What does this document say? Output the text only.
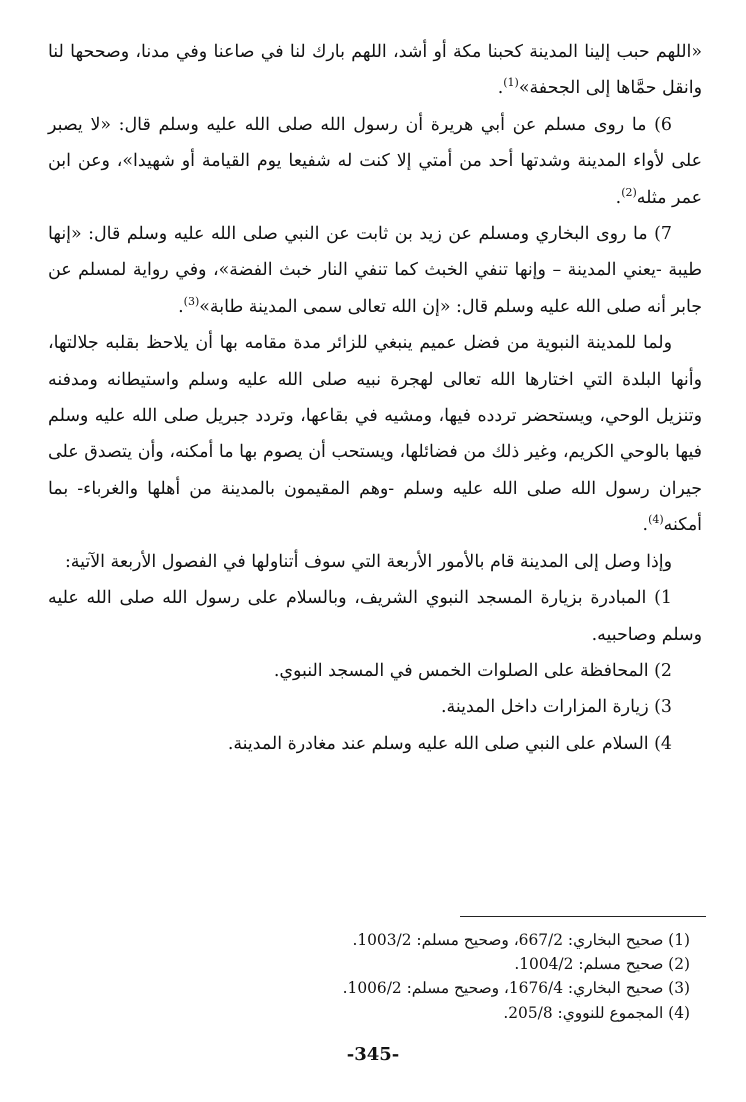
«اللهم حبب إلينا المدينة كحبنا مكة أو أشد، اللهم بارك لنا في صاعنا وفي مدنا، وصححها لنا وانقل حمَّاها إلى الجحفة»$^{(1)}$.

6) ما روى مسلم عن أبي هريرة أن رسول الله صلى الله عليه وسلم قال: «لا يصبر على لأواء المدينة وشدتها أحد من أمتي إلا كنت له شفيعا يوم القيامة أو شهيدا»، وعن ابن عمر مثله$^{(2)}$.

7) ما روى البخاري ومسلم عن زيد بن ثابت عن النبي صلى الله عليه وسلم قال: «إنها طيبة -يعني المدينة – وإنها تنفي الخبث كما تنفي النار خبث الفضة»، وفي رواية لمسلم عن جابر أنه صلى الله عليه وسلم قال: «إن الله تعالى سمى المدينة طابة»$^{(3)}$.

ولما للمدينة النبوية من فضل عميم ينبغي للزائر مدة مقامه بها أن يلاحظ بقلبه جلالتها، وأنها البلدة التي اختارها الله تعالى لهجرة نبيه صلى الله عليه وسلم واستيطانه ومدفنه وتنزيل الوحي، ويستحضر تردده فيها، ومشيه في بقاعها، وتردد جبريل صلى الله عليه وسلم فيها بالوحي الكريم، وغير ذلك من فضائلها، ويستحب أن يصوم بها ما أمكنه، وأن يتصدق على جيران رسول الله صلى الله عليه وسلم -وهم المقيمون بالمدينة من أهلها والغرباء- بما أمكنه$^{(4)}$.

وإذا وصل إلى المدينة قام بالأمور الأربعة التي سوف أتناولها في الفصول الأربعة الآتية:

1) المبادرة بزيارة المسجد النبوي الشريف، وبالسلام على رسول الله صلى الله عليه وسلم وصاحبيه.

2) المحافظة على الصلوات الخمس في المسجد النبوي.

3) زيارة المزارات داخل المدينة.

4) السلام على النبي صلى الله عليه وسلم عند مغادرة المدينة.

(1) صحيح البخاري: 667/2، وصحيح مسلم: 1003/2.

(2) صحيح مسلم: 1004/2.

(3) صحيح البخاري: 1676/4، وصحيح مسلم: 1006/2.

(4) المجموع للنووي: 205/8.

-345-
